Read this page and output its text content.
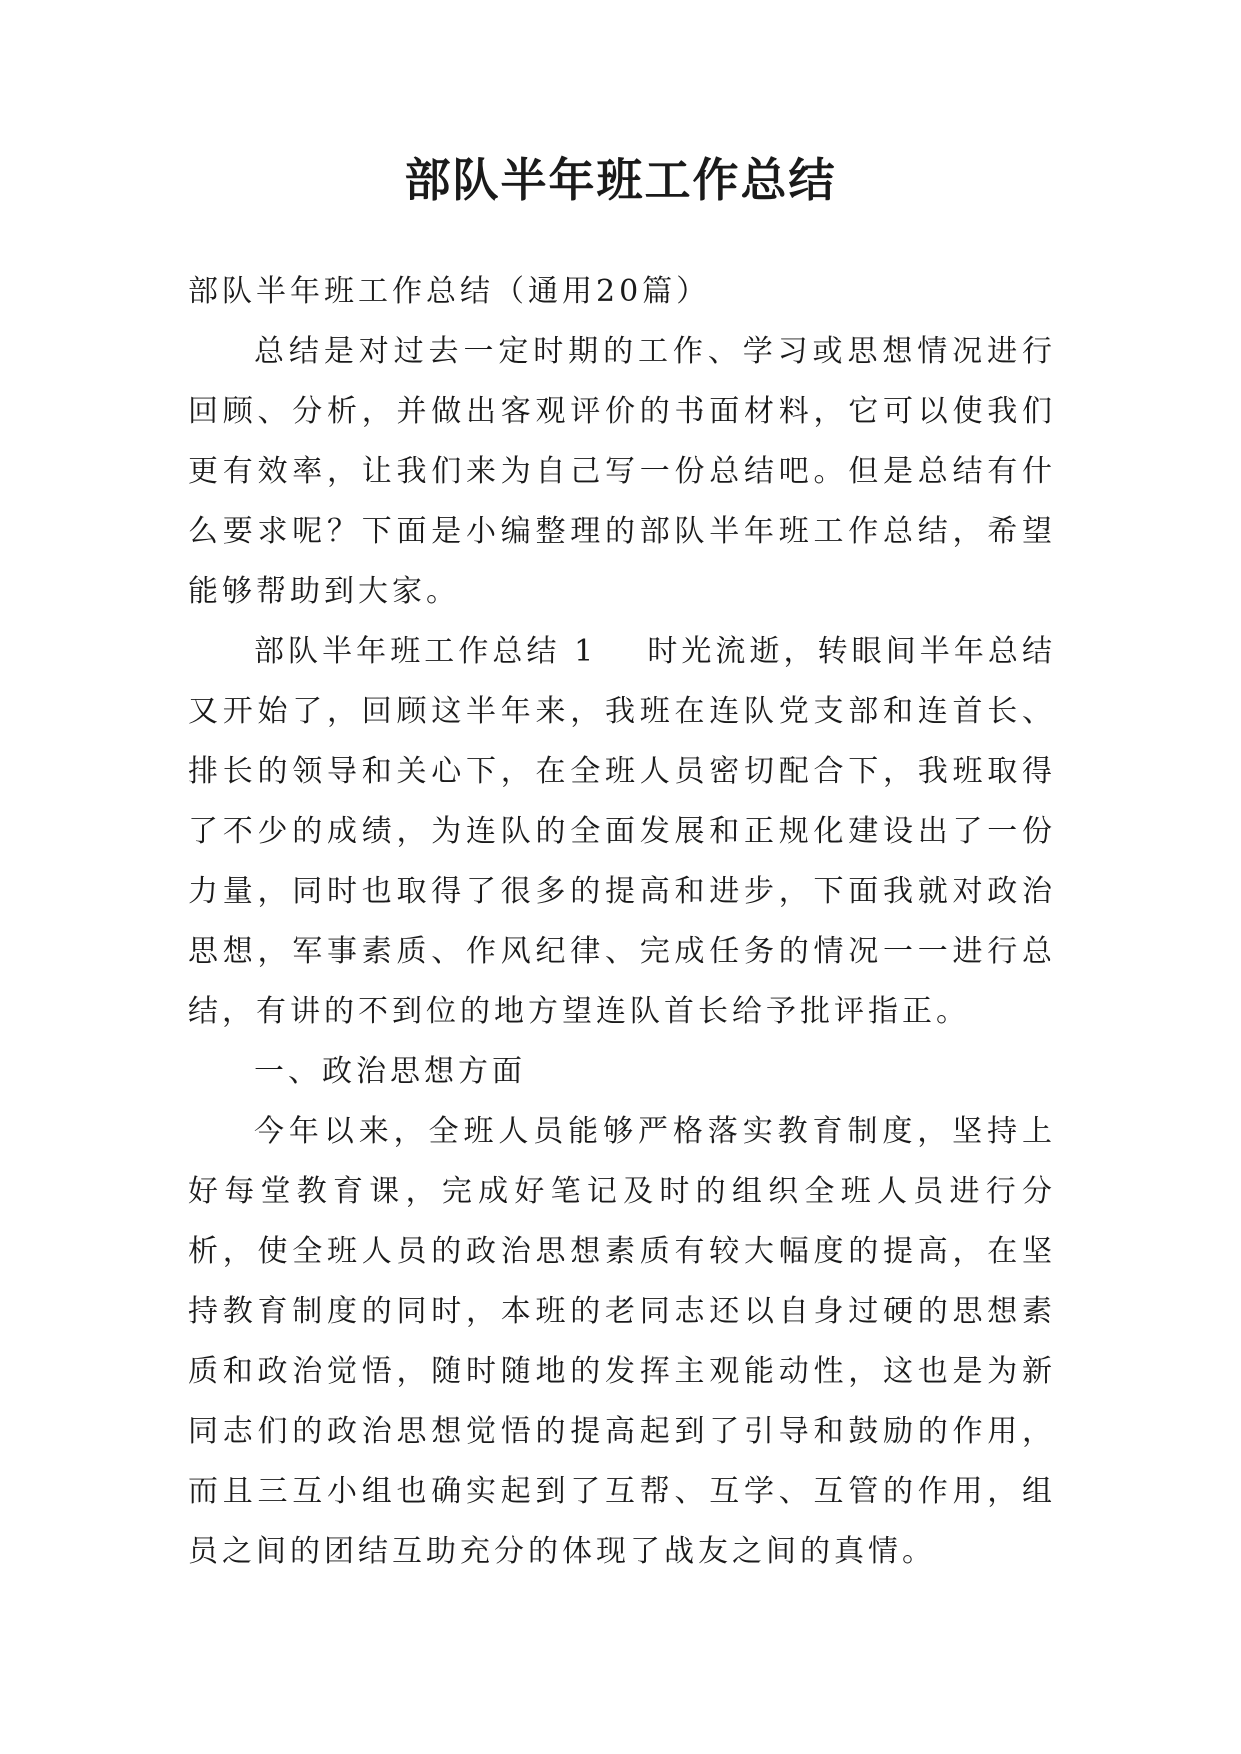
部队半年班工作总结

部队半年班工作总结（通用20篇）

总结是对过去一定时期的工作、学习或思想情况进行回顾、分析，并做出客观评价的书面材料，它可以使我们更有效率，让我们来为自己写一份总结吧。但是总结有什么要求呢？下面是小编整理的部队半年班工作总结，希望能够帮助到大家。

部队半年班工作总结 1 时光流逝，转眼间半年总结又开始了，回顾这半年来，我班在连队党支部和连首长、排长的领导和关心下，在全班人员密切配合下，我班取得了不少的成绩，为连队的全面发展和正规化建设出了一份力量，同时也取得了很多的提高和进步，下面我就对政治思想，军事素质、作风纪律、完成任务的情况一一进行总结，有讲的不到位的地方望连队首长给予批评指正。

一、政治思想方面

今年以来，全班人员能够严格落实教育制度，坚持上好每堂教育课，完成好笔记及时的组织全班人员进行分析，使全班人员的政治思想素质有较大幅度的提高，在坚持教育制度的同时，本班的老同志还以自身过硬的思想素质和政治觉悟，随时随地的发挥主观能动性，这也是为新同志们的政治思想觉悟的提高起到了引导和鼓励的作用，而且三互小组也确实起到了互帮、互学、互管的作用，组员之间的团结互助充分的体现了战友之间的真情。
